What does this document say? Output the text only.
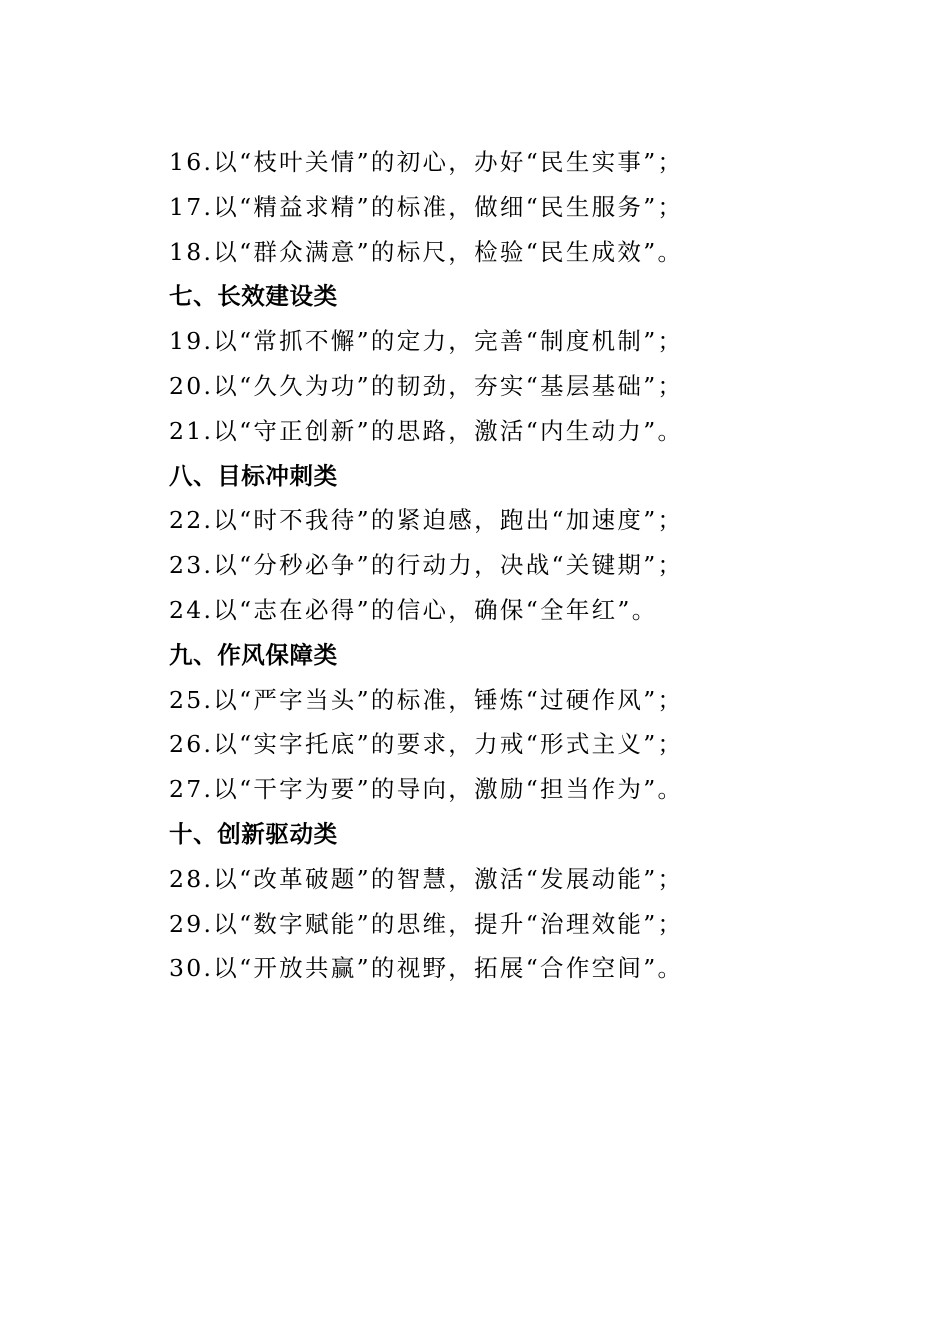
16.以“枝叶关情”的初心，办好“民生实事”；
17.以“精益求精”的标准，做细“民生服务”；
18.以“群众满意”的标尺，检验“民生成效”。
七、长效建设类
19.以“常抓不懈”的定力，完善“制度机制”；
20.以“久久为功”的韧劲，夯实“基层基础”；
21.以“守正创新”的思路，激活“内生动力”。
八、目标冲刺类
22.以“时不我待”的紧迫感，跑出“加速度”；
23.以“分秒必争”的行动力，决战“关键期”；
24.以“志在必得”的信心，确保“全年红”。
九、作风保障类
25.以“严字当头”的标准，锤炼“过硬作风”；
26.以“实字托底”的要求，力戒“形式主义”；
27.以“干字为要”的导向，激励“担当作为”。
十、创新驱动类
28.以“改革破题”的智慧，激活“发展动能”；
29.以“数字赋能”的思维，提升“治理效能”；
30.以“开放共赢”的视野，拓展“合作空间”。
